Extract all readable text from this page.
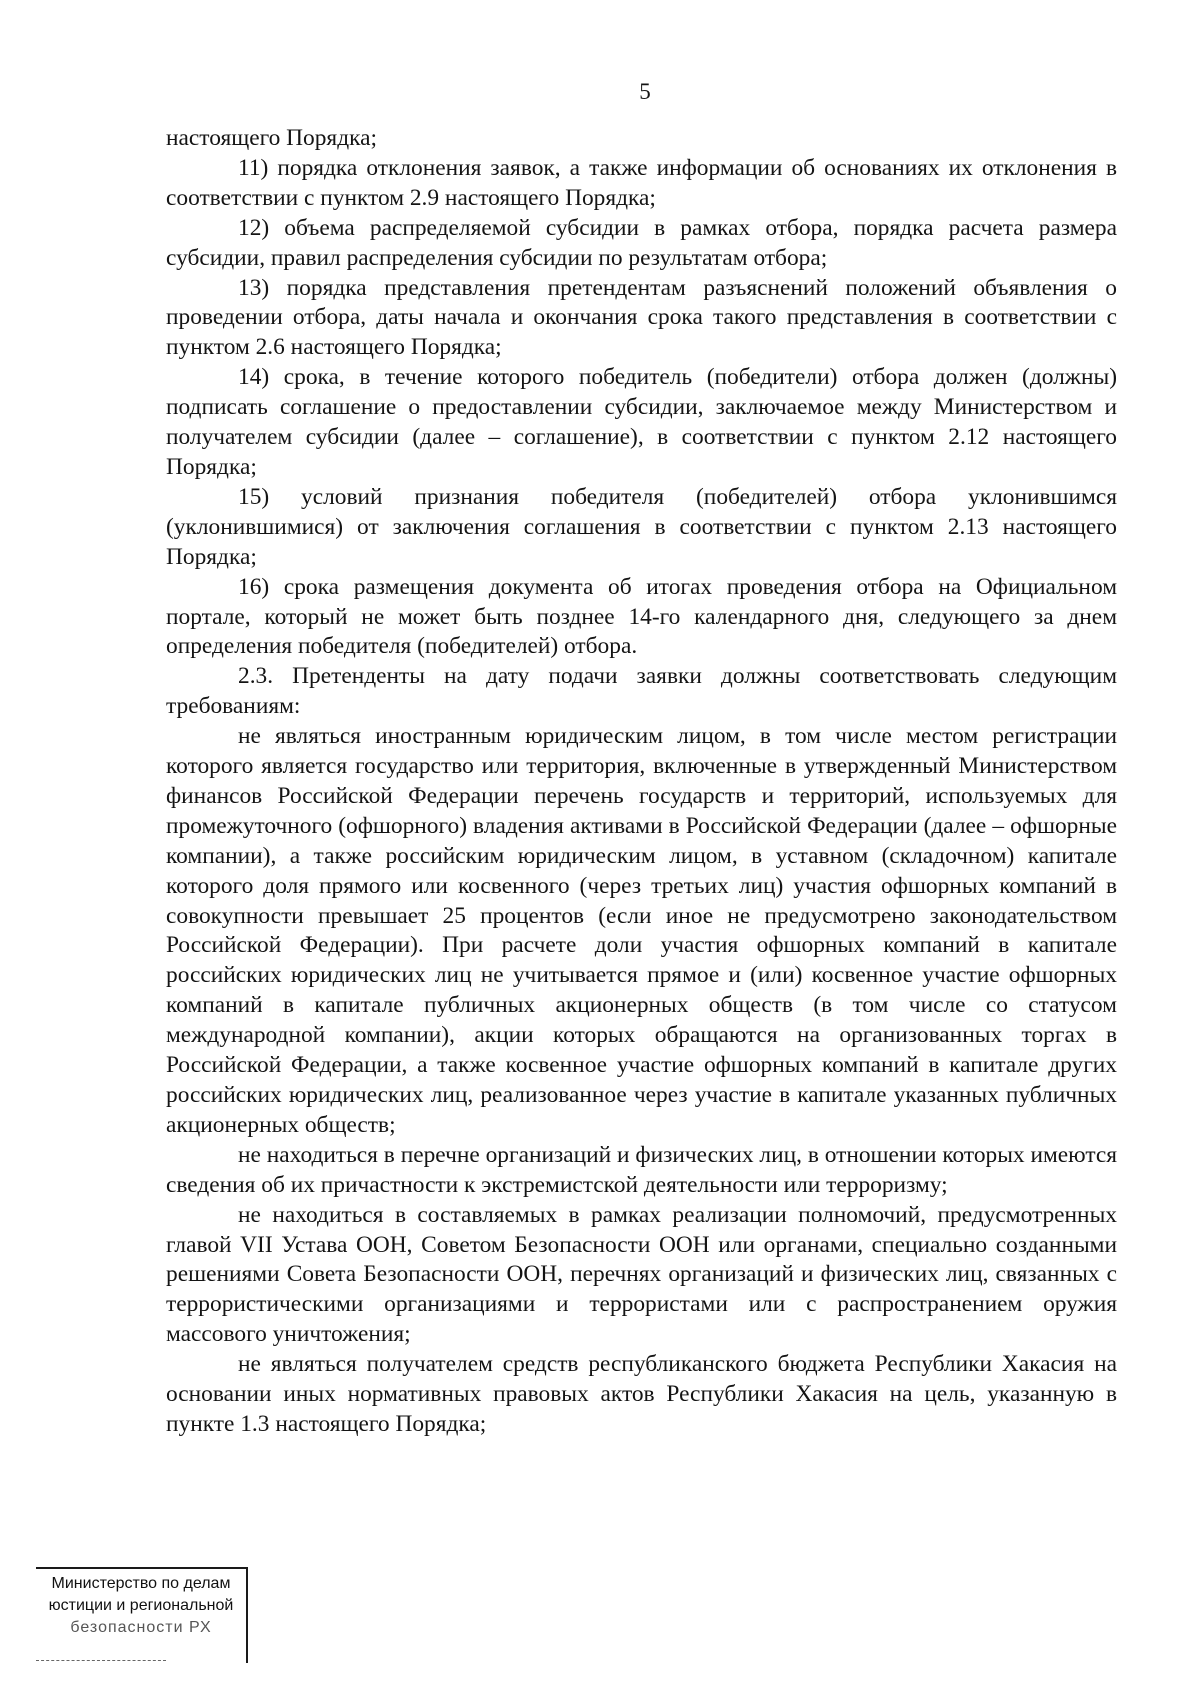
5

настоящего Порядка;

11) порядка отклонения заявок, а также информации об основаниях их отклонения в соответствии с пунктом 2.9 настоящего Порядка;

12) объема распределяемой субсидии в рамках отбора, порядка расчета размера субсидии, правил распределения субсидии по результатам отбора;

13) порядка представления претендентам разъяснений положений объявления о проведении отбора, даты начала и окончания срока такого представления в соответствии с пунктом 2.6 настоящего Порядка;

14) срока, в течение которого победитель (победители) отбора должен (должны) подписать соглашение о предоставлении субсидии, заключаемое между Министерством и получателем субсидии (далее – соглашение), в соответствии с пунктом 2.12 настоящего Порядка;

15) условий признания победителя (победителей) отбора уклонившимся (уклонившимися) от заключения соглашения в соответствии с пунктом 2.13 настоящего Порядка;

16) срока размещения документа об итогах проведения отбора на Официальном портале, который не может быть позднее 14-го календарного дня, следующего за днем определения победителя (победителей) отбора.

2.3. Претенденты на дату подачи заявки должны соответствовать следующим требованиям:

не являться иностранным юридическим лицом, в том числе местом регистрации которого является государство или территория, включенные в утвержденный Министерством финансов Российской Федерации перечень государств и территорий, используемых для промежуточного (офшорного) владения активами в Российской Федерации (далее – офшорные компании), а также российским юридическим лицом, в уставном (складочном) капитале которого доля прямого или косвенного (через третьих лиц) участия офшорных компаний в совокупности превышает 25 процентов (если иное не предусмотрено законодательством Российской Федерации). При расчете доли участия офшорных компаний в капитале российских юридических лиц не учитывается прямое и (или) косвенное участие офшорных компаний в капитале публичных акционерных обществ (в том числе со статусом международной компании), акции которых обращаются на организованных торгах в Российской Федерации, а также косвенное участие офшорных компаний в капитале других российских юридических лиц, реализованное через участие в капитале указанных публичных акционерных обществ;

не находиться в перечне организаций и физических лиц, в отношении которых имеются сведения об их причастности к экстремистской деятельности или терроризму;

не находиться в составляемых в рамках реализации полномочий, предусмотренных главой VII Устава ООН, Советом Безопасности ООН или органами, специально созданными решениями Совета Безопасности ООН, перечнях организаций и физических лиц, связанных с террористическими организациями и террористами или с распространением оружия массового уничтожения;

не являться получателем средств республиканского бюджета Республики Хакасия на основании иных нормативных правовых актов Республики Хакасия на цель, указанную в пункте 1.3 настоящего Порядка;

Министерство по делам
юстиции и региональной
безопасности РХ
